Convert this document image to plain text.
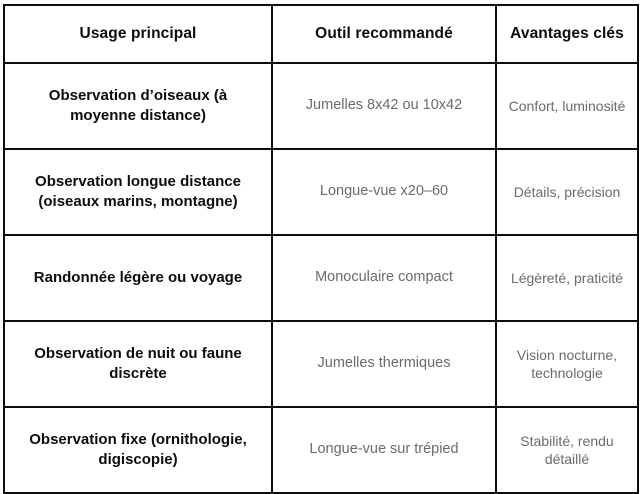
Usage principal	Outil recommandé	Avantages clés
Observation d’oiseaux (à moyenne distance)	Jumelles 8x42 ou 10x42	Confort, luminosité
Observation longue distance (oiseaux marins, montagne)	Longue-vue x20–60	Détails, précision
Randonnée légère ou voyage	Monoculaire compact	Légèreté, praticité
Observation de nuit ou faune discrète	Jumelles thermiques	Vision nocturne, technologie
Observation fixe (ornithologie, digiscopie)	Longue-vue sur trépied	Stabilité, rendu détaillé
